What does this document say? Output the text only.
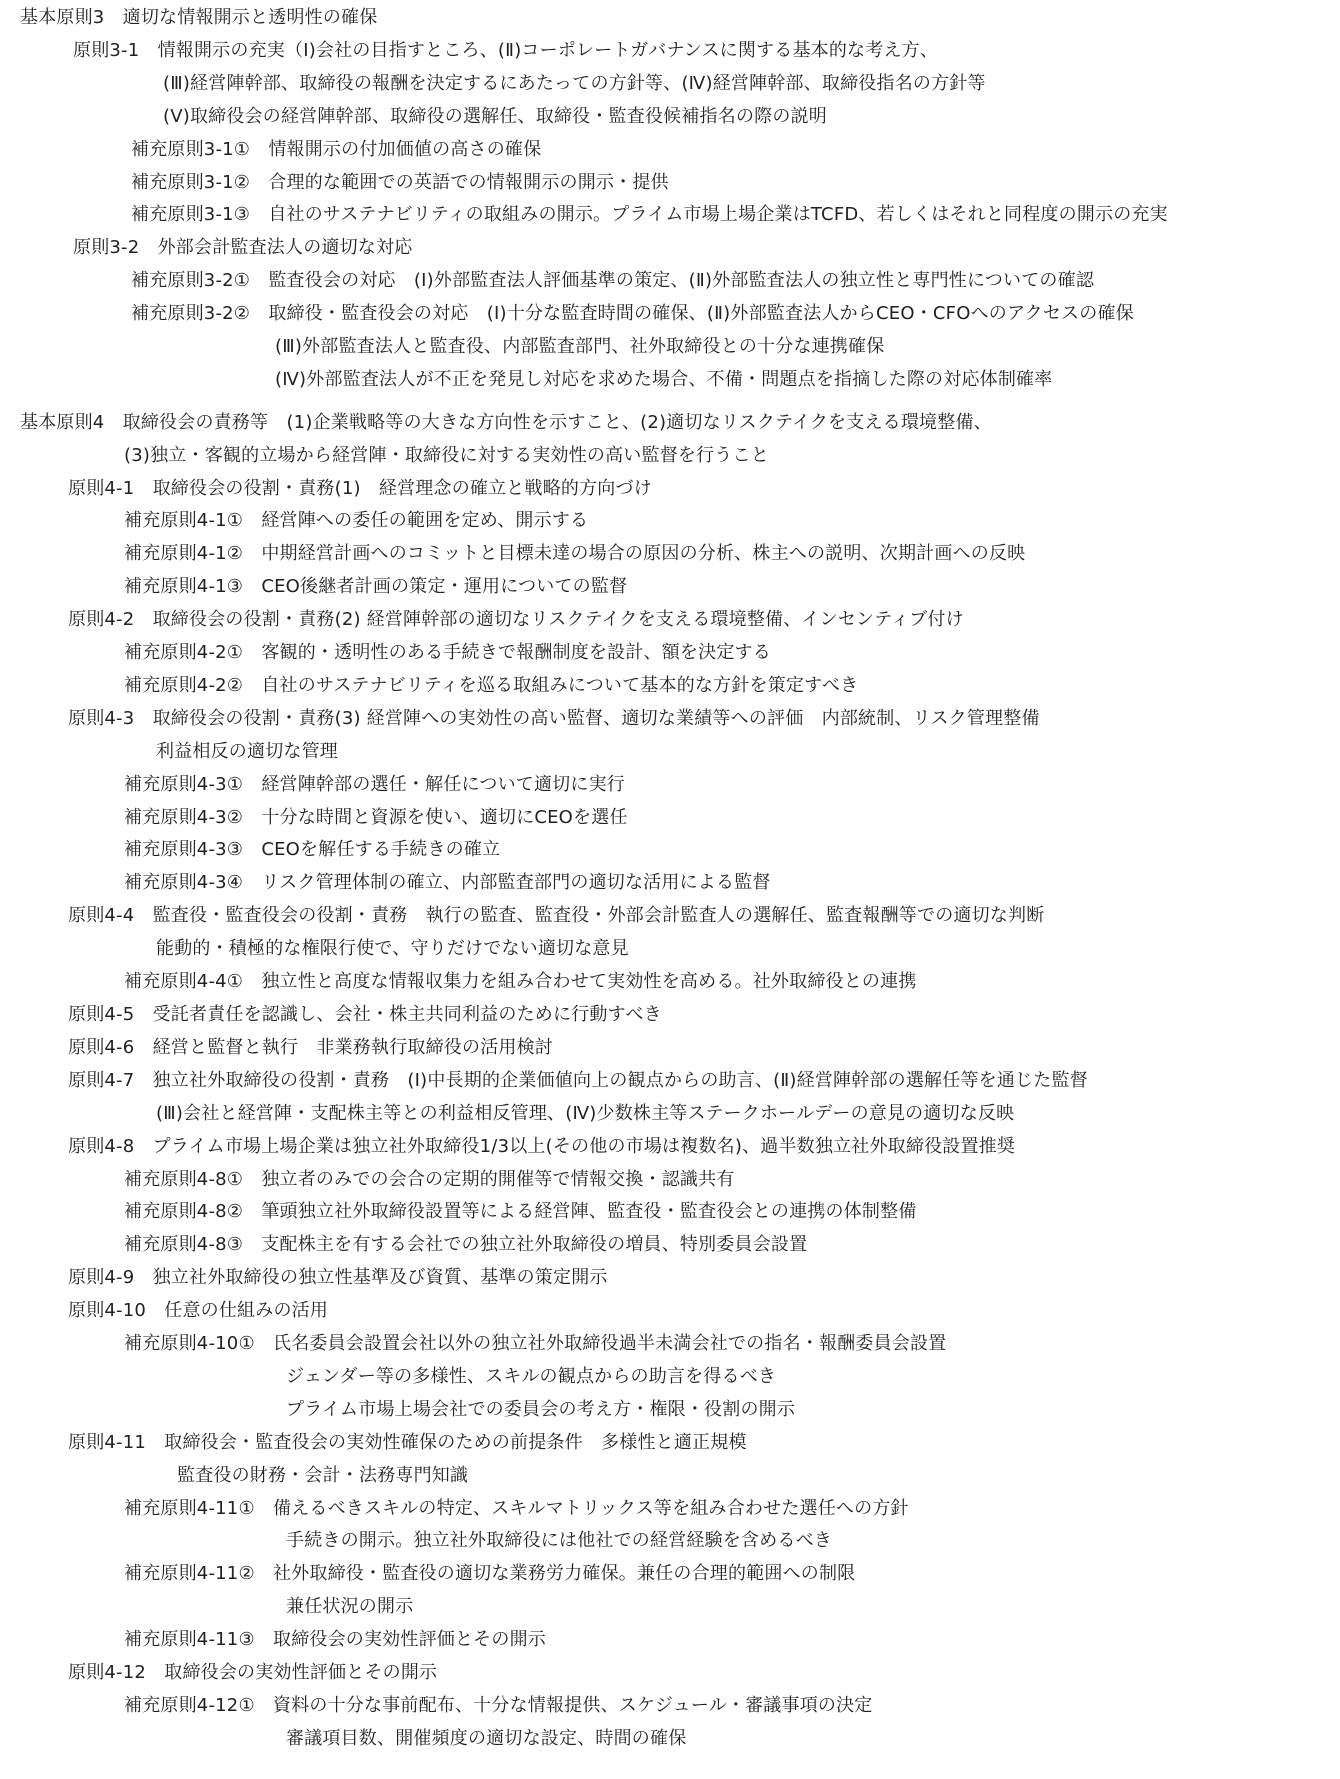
基本原則3　適切な情報開示と透明性の確保
原則3-1　情報開示の充実（Ⅰ)会社の目指すところ、(Ⅱ)コーポレートガバナンスに関する基本的な考え方、
(Ⅲ)経営陣幹部、取締役の報酬を決定するにあたっての方針等、(Ⅳ)経営陣幹部、取締役指名の方針等
(Ⅴ)取締役会の経営陣幹部、取締役の選解任、取締役・監査役候補指名の際の説明
補充原則3-1①　情報開示の付加価値の高さの確保
補充原則3-1②　合理的な範囲での英語での情報開示の開示・提供
補充原則3-1③　自社のサステナビリティの取組みの開示。プライム市場上場企業はTCFD、若しくはそれと同程度の開示の充実
原則3-2　外部会計監査法人の適切な対応
補充原則3-2①　監査役会の対応　(Ⅰ)外部監査法人評価基準の策定、(Ⅱ)外部監査法人の独立性と専門性についての確認
補充原則3-2②　取締役・監査役会の対応　(Ⅰ)十分な監査時間の確保、(Ⅱ)外部監査法人からCEO・CFOへのアクセスの確保
(Ⅲ)外部監査法人と監査役、内部監査部門、社外取締役との十分な連携確保
(Ⅳ)外部監査法人が不正を発見し対応を求めた場合、不備・問題点を指摘した際の対応体制確率
基本原則4　取締役会の責務等　(1)企業戦略等の大きな方向性を示すこと、(2)適切なリスクテイクを支える環境整備、
(3)独立・客観的立場から経営陣・取締役に対する実効性の高い監督を行うこと
原則4-1　取締役会の役割・責務(1)　経営理念の確立と戦略的方向づけ
補充原則4-1①　経営陣への委任の範囲を定め、開示する
補充原則4-1②　中期経営計画へのコミットと目標未達の場合の原因の分析、株主への説明、次期計画への反映
補充原則4-1③　CEO後継者計画の策定・運用についての監督
原則4-2　取締役会の役割・責務(2) 経営陣幹部の適切なリスクテイクを支える環境整備、インセンティブ付け
補充原則4-2①　客観的・透明性のある手続きで報酬制度を設計、額を決定する
補充原則4-2②　自社のサステナビリティを巡る取組みについて基本的な方針を策定すべき
原則4-3　取締役会の役割・責務(3) 経営陣への実効性の高い監督、適切な業績等への評価　内部統制、リスク管理整備
利益相反の適切な管理
補充原則4-3①　経営陣幹部の選任・解任について適切に実行
補充原則4-3②　十分な時間と資源を使い、適切にCEOを選任
補充原則4-3③　CEOを解任する手続きの確立
補充原則4-3④　リスク管理体制の確立、内部監査部門の適切な活用による監督
原則4-4　監査役・監査役会の役割・責務　執行の監査、監査役・外部会計監査人の選解任、監査報酬等での適切な判断
能動的・積極的な権限行使で、守りだけでない適切な意見
補充原則4-4①　独立性と高度な情報収集力を組み合わせて実効性を高める。社外取締役との連携
原則4-5　受託者責任を認識し、会社・株主共同利益のために行動すべき
原則4-6　経営と監督と執行　非業務執行取締役の活用検討
原則4-7　独立社外取締役の役割・責務　(Ⅰ)中長期的企業価値向上の観点からの助言、(Ⅱ)経営陣幹部の選解任等を通じた監督
(Ⅲ)会社と経営陣・支配株主等との利益相反管理、(Ⅳ)少数株主等ステークホールデーの意見の適切な反映
原則4-8　プライム市場上場企業は独立社外取締役1/3以上(その他の市場は複数名)、過半数独立社外取締役設置推奨
補充原則4-8①　独立者のみでの会合の定期的開催等で情報交換・認識共有
補充原則4-8②　筆頭独立社外取締役設置等による経営陣、監査役・監査役会との連携の体制整備
補充原則4-8③　支配株主を有する会社での独立社外取締役の増員、特別委員会設置
原則4-9　独立社外取締役の独立性基準及び資質、基準の策定開示
原則4-10　任意の仕組みの活用
補充原則4-10①　氏名委員会設置会社以外の独立社外取締役過半未満会社での指名・報酬委員会設置
ジェンダー等の多様性、スキルの観点からの助言を得るべき
プライム市場上場会社での委員会の考え方・権限・役割の開示
原則4-11　取締役会・監査役会の実効性確保のための前提条件　多様性と適正規模
監査役の財務・会計・法務専門知識
補充原則4-11①　備えるべきスキルの特定、スキルマトリックス等を組み合わせた選任への方針
手続きの開示。独立社外取締役には他社での経営経験を含めるべき
補充原則4-11②　社外取締役・監査役の適切な業務労力確保。兼任の合理的範囲への制限
兼任状況の開示
補充原則4-11③　取締役会の実効性評価とその開示
原則4-12　取締役会の実効性評価とその開示
補充原則4-12①　資料の十分な事前配布、十分な情報提供、スケジュール・審議事項の決定
審議項目数、開催頻度の適切な設定、時間の確保
